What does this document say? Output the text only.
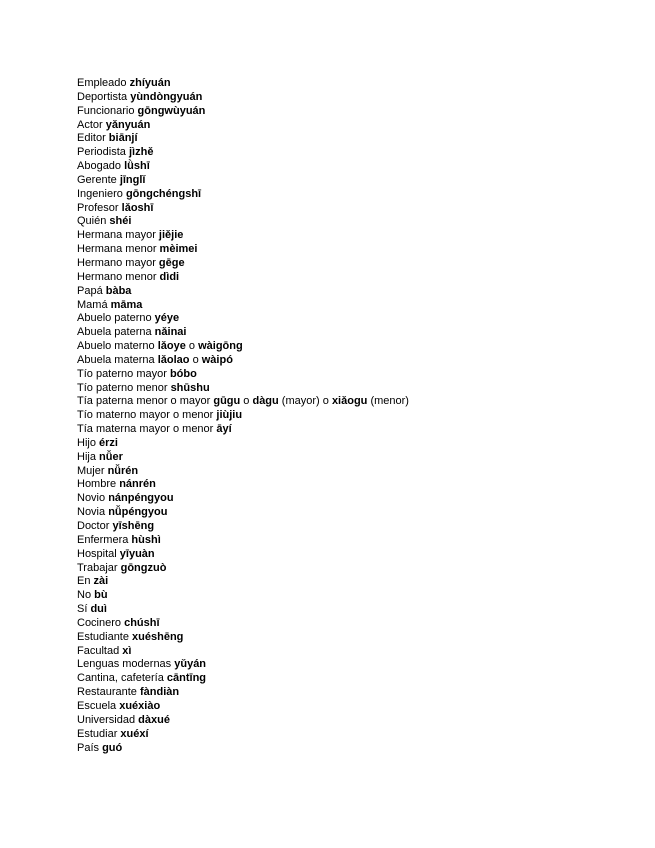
Empleado zhíyuán
Deportista yùndòngyuán
Funcionario gōngwùyuán
Actor yǎnyuán
Editor biānjí
Periodista jìzhě
Abogado lǜshī
Gerente jīnglǐ
Ingeniero gōngchéngshī
Profesor lǎoshī
Quién shéi
Hermana mayor jiějie
Hermana menor mèimei
Hermano mayor gēge
Hermano menor dìdi
Papá bàba
Mamá māma
Abuelo paterno yéye
Abuela paterna nǎinai
Abuelo materno lǎoye o wàigōng
Abuela materna lǎolao o wàipó
Tío paterno mayor bóbo
Tío paterno menor shūshu
Tía paterna menor o mayor gūgu o dàgu (mayor) o xiǎogu (menor)
Tío materno mayor o menor jiùjiu
Tía materna mayor o menor āyí
Hijo érzi
Hija nǚer
Mujer nǚrén
Hombre nánrén
Novio nánpéngyou
Novia nǚpéngyou
Doctor yīshēng
Enfermera hùshì
Hospital yīyuàn
Trabajar gōngzuò
En zài
No bù
Sí duì
Cocinero chúshī
Estudiante xuéshēng
Facultad xì
Lenguas modernas yǔyán
Cantina, cafetería cāntīng
Restaurante fàndiàn
Escuela xuéxiào
Universidad dàxué
Estudiar xuéxí
País guó
